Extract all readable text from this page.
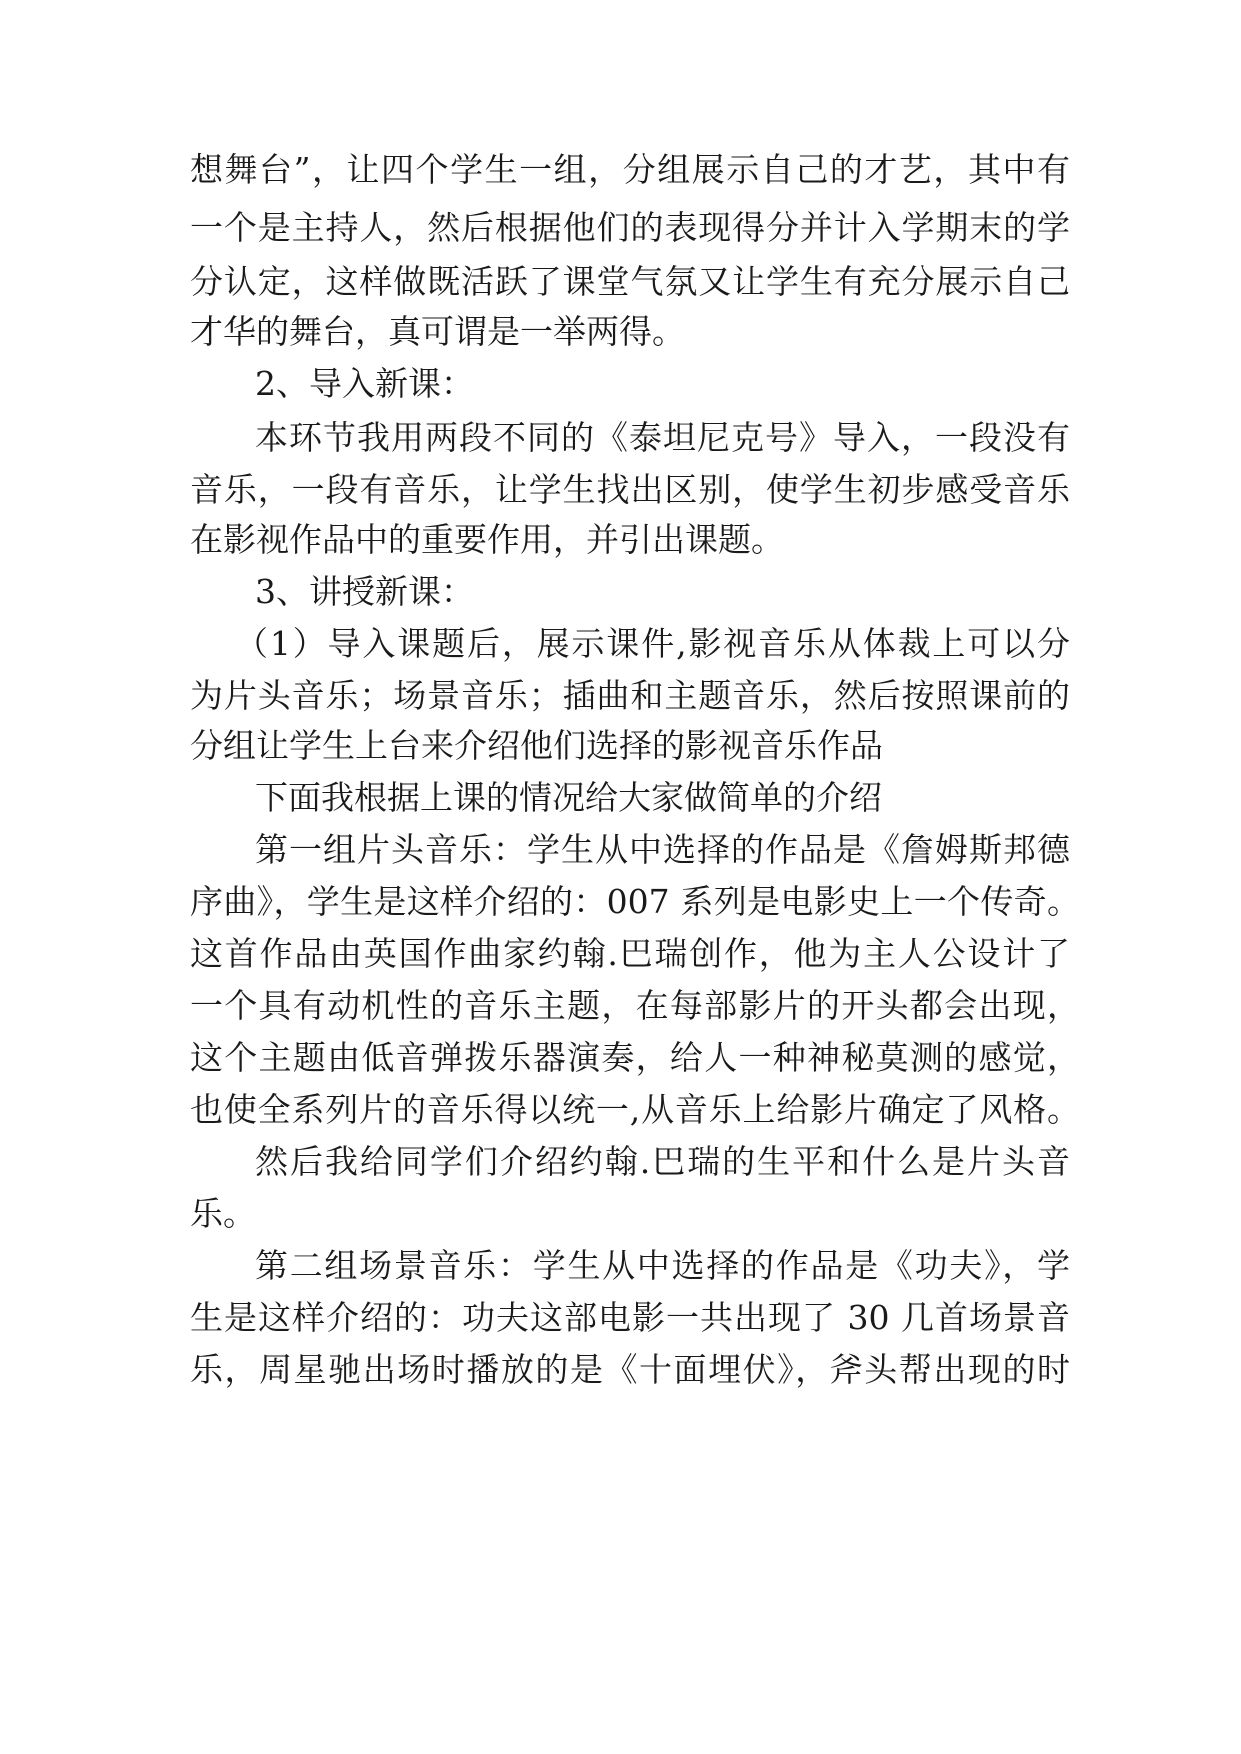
想舞台”，让四个学生一组，分组展示自己的才艺，其中有
一个是主持人，然后根据他们的表现得分并计入学期末的学
分认定，这样做既活跃了课堂气氛又让学生有充分展示自己
才华的舞台，真可谓是一举两得。
2、导入新课：
本环节我用两段不同的《泰坦尼克号》导入，一段没有
音乐，一段有音乐，让学生找出区别，使学生初步感受音乐
在影视作品中的重要作用，并引出课题。
3、讲授新课：
（1）导入课题后，展示课件,影视音乐从体裁上可以分
为片头音乐；场景音乐；插曲和主题音乐，然后按照课前的
分组让学生上台来介绍他们选择的影视音乐作品
下面我根据上课的情况给大家做简单的介绍
第一组片头音乐：学生从中选择的作品是《詹姆斯邦德
序曲》，学生是这样介绍的：007 系列是电影史上一个传奇。
这首作品由英国作曲家约翰.巴瑞创作，他为主人公设计了
一个具有动机性的音乐主题，在每部影片的开头都会出现，
这个主题由低音弹拨乐器演奏，给人一种神秘莫测的感觉，
也使全系列片的音乐得以统一,从音乐上给影片确定了风格。
然后我给同学们介绍约翰.巴瑞的生平和什么是片头音
乐。
第二组场景音乐：学生从中选择的作品是《功夫》，学
生是这样介绍的：功夫这部电影一共出现了 30 几首场景音
乐，周星驰出场时播放的是《十面埋伏》，斧头帮出现的时
